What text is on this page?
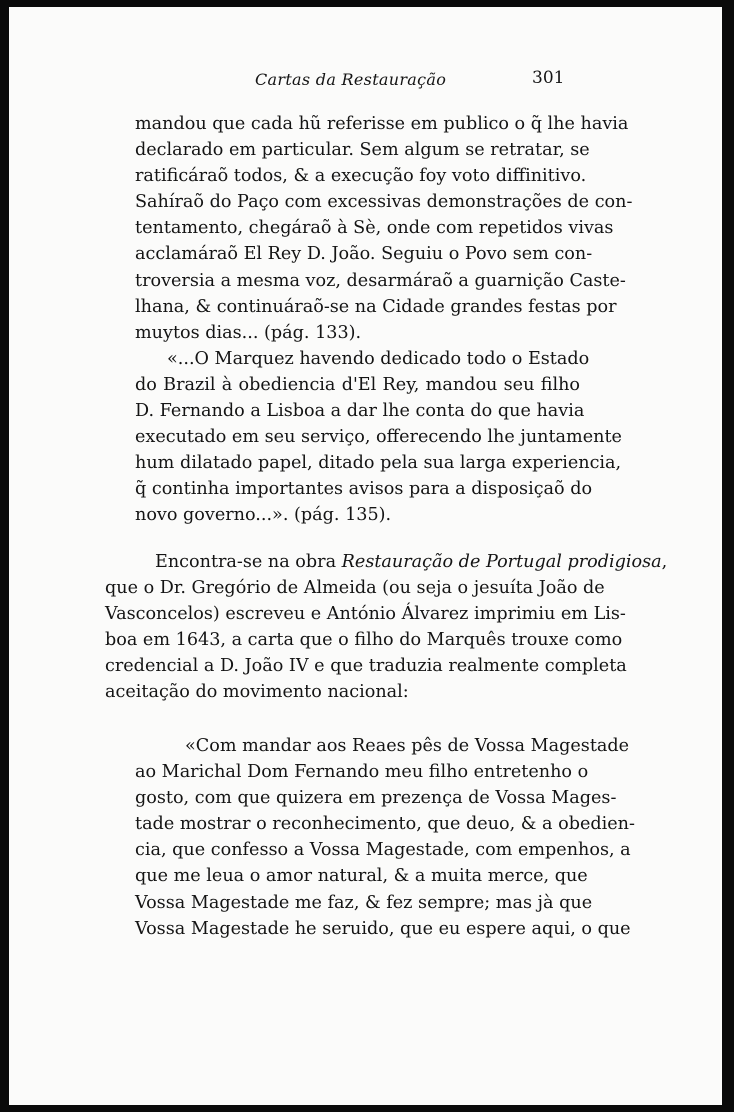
Cartas da Restauração	301
mandou que cada hũ referisse em publico o q̃ lhe havia
declarado em particular. Sem algum se retratar, se
ratificáraõ todos, & a execução foy voto diffinitivo.
Sahíraõ do Paço com excessivas demonstrações de con-
tentamento, chegáraõ à Sè, onde com repetidos vivas
acclamáraõ El Rey D. João. Seguiu o Povo sem con-
troversia a mesma voz, desarmáraõ a guarnição Caste-
lhana, & continuáraõ-se na Cidade grandes festas por
muytos dias... (pág. 133).
«...O Marquez havendo dedicado todo o Estado
do Brazil à obediencia d'El Rey, mandou seu filho
D. Fernando a Lisboa a dar lhe conta do que havia
executado em seu serviço, offerecendo lhe juntamente
hum dilatado papel, ditado pela sua larga experiencia,
q̃ continha importantes avisos para a disposiçaõ do
novo governo...». (pág. 135).
Encontra-se na obra Restauração de Portugal prodigiosa,
que o Dr. Gregório de Almeida (ou seja o jesuíta João de
Vasconcelos) escreveu e António Álvarez imprimiu em Lis-
boa em 1643, a carta que o filho do Marquês trouxe como
credencial a D. João IV e que traduzia realmente completa
aceitação do movimento nacional:
«Com mandar aos Reaes pês de Vossa Magestade
ao Marichal Dom Fernando meu filho entretenho o
gosto, com que quizera em prezença de Vossa Mages-
tade mostrar o reconhecimento, que deuo, & a obedien-
cia, que confesso a Vossa Magestade, com empenhos, a
que me leua o amor natural, & a muita merce, que
Vossa Magestade me faz, & fez sempre; mas jà que
Vossa Magestade he seruido, que eu espere aqui, o que
